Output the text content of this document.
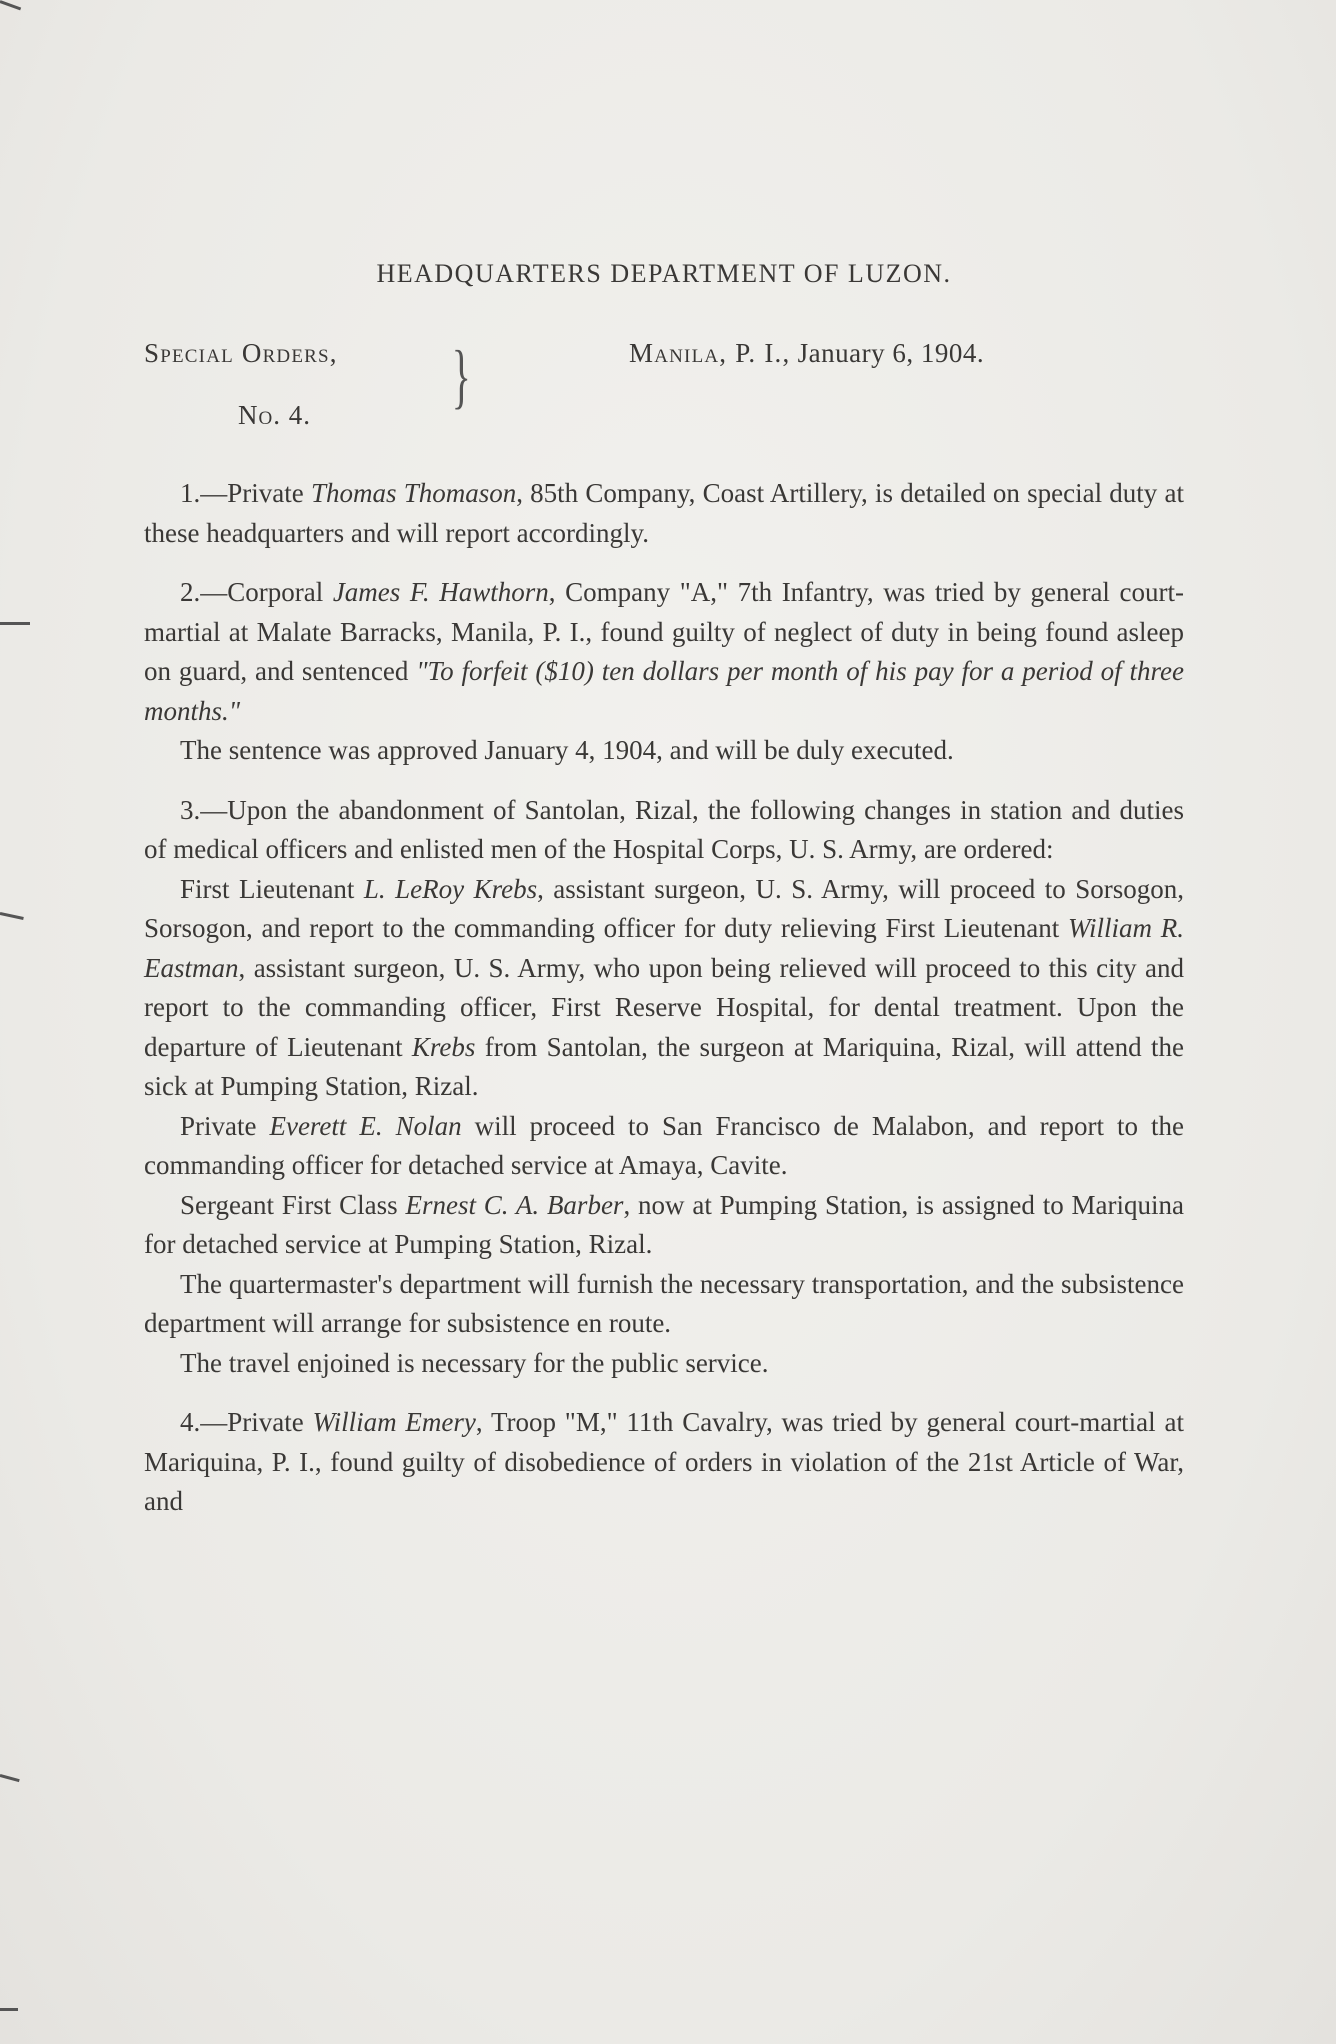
HEADQUARTERS DEPARTMENT OF LUZON.
Special Orders,
No. 4. }	Manila, P. I., January 6, 1904.

1.—Private Thomas Thomason, 85th Company, Coast Artillery, is detailed on special duty at these headquarters and will report accordingly.

2.—Corporal James F. Hawthorn, Company "A," 7th Infantry, was tried by general court-martial at Malate Barracks, Manila, P. I., found guilty of neglect of duty in being found asleep on guard, and sentenced "To forfeit ($10) ten dollars per month of his pay for a period of three months."

The sentence was approved January 4, 1904, and will be duly executed.

3.—Upon the abandonment of Santolan, Rizal, the following changes in station and duties of medical officers and enlisted men of the Hospital Corps, U. S. Army, are ordered:

First Lieutenant L. LeRoy Krebs, assistant surgeon, U. S. Army, will proceed to Sorsogon, Sorsogon, and report to the commanding officer for duty relieving First Lieutenant William R. Eastman, assistant surgeon, U. S. Army, who upon being relieved will proceed to this city and report to the commanding officer, First Reserve Hospital, for dental treatment. Upon the departure of Lieutenant Krebs from Santolan, the surgeon at Mariquina, Rizal, will attend the sick at Pumping Station, Rizal.

Private Everett E. Nolan will proceed to San Francisco de Malabon, and report to the commanding officer for detached service at Amaya, Cavite.

Sergeant First Class Ernest C. A. Barber, now at Pumping Station, is assigned to Mariquina for detached service at Pumping Station, Rizal.

The quartermaster's department will furnish the necessary transportation, and the subsistence department will arrange for subsistence en route.

The travel enjoined is necessary for the public service.

4.—Private William Emery, Troop "M," 11th Cavalry, was tried by general court-martial at Mariquina, P. I., found guilty of disobedience of orders in violation of the 21st Article of War, and
